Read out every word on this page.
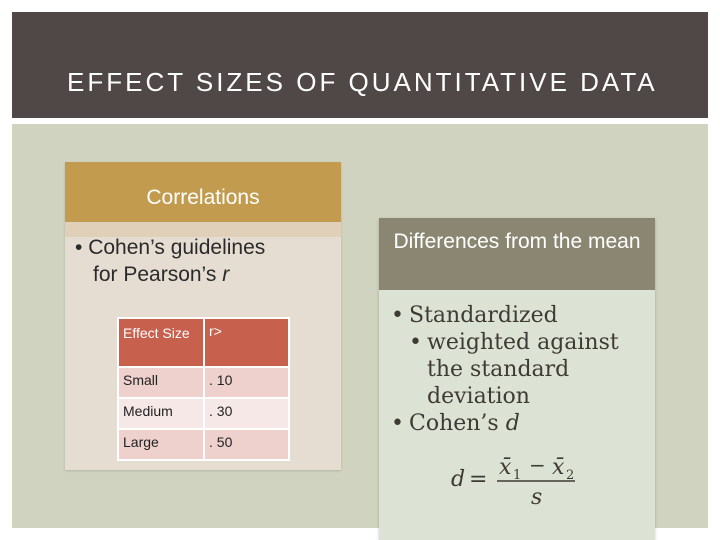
EFFECT SIZES OF QUANTITATIVE DATA
Correlations
• Cohen’s guidelines
for Pearson’s r
Effect Size	r>
Small	. 10
Medium	. 30
Large	. 50
Differences from the mean
• Standardized
• weighted against the standard deviation
• Cohen’s d
d = x̄ 1 − x̄ 2
s
